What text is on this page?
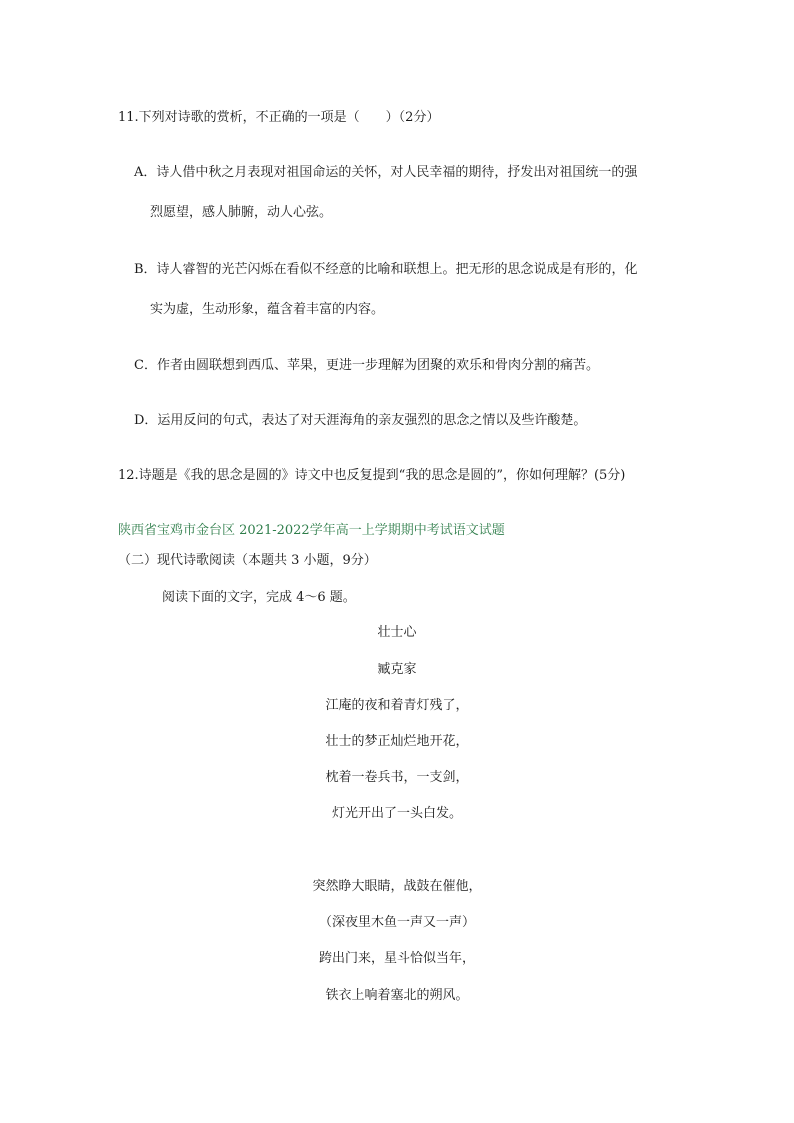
11.下列对诗歌的赏析，不正确的一项是（　　）（2分）
A．诗人借中秋之月表现对祖国命运的关怀，对人民幸福的期待，抒发出对祖国统一的强
烈愿望，感人肺腑，动人心弦。
B．诗人睿智的光芒闪烁在看似不经意的比喻和联想上。把无形的思念说成是有形的，化
实为虚，生动形象，蕴含着丰富的内容。
C．作者由圆联想到西瓜、苹果，更进一步理解为团聚的欢乐和骨肉分割的痛苦。
D．运用反问的句式，表达了对天涯海角的亲友强烈的思念之情以及些许酸楚。
12.诗题是《我的思念是圆的》诗文中也反复提到“我的思念是圆的”，你如何理解？(5分)
陕西省宝鸡市金台区 2021-2022学年高一上学期期中考试语文试题
（二）现代诗歌阅读（本题共 3 小题，9分）
阅读下面的文字，完成 4～6 题。
壮士心
臧克家
江庵的夜和着青灯残了，
壮士的梦正灿烂地开花，
枕着一卷兵书，一支剑，
灯光开出了一头白发。
突然睁大眼睛，战鼓在催他，
（深夜里木鱼一声又一声）
跨出门来，星斗恰似当年，
铁衣上响着塞北的朔风。
